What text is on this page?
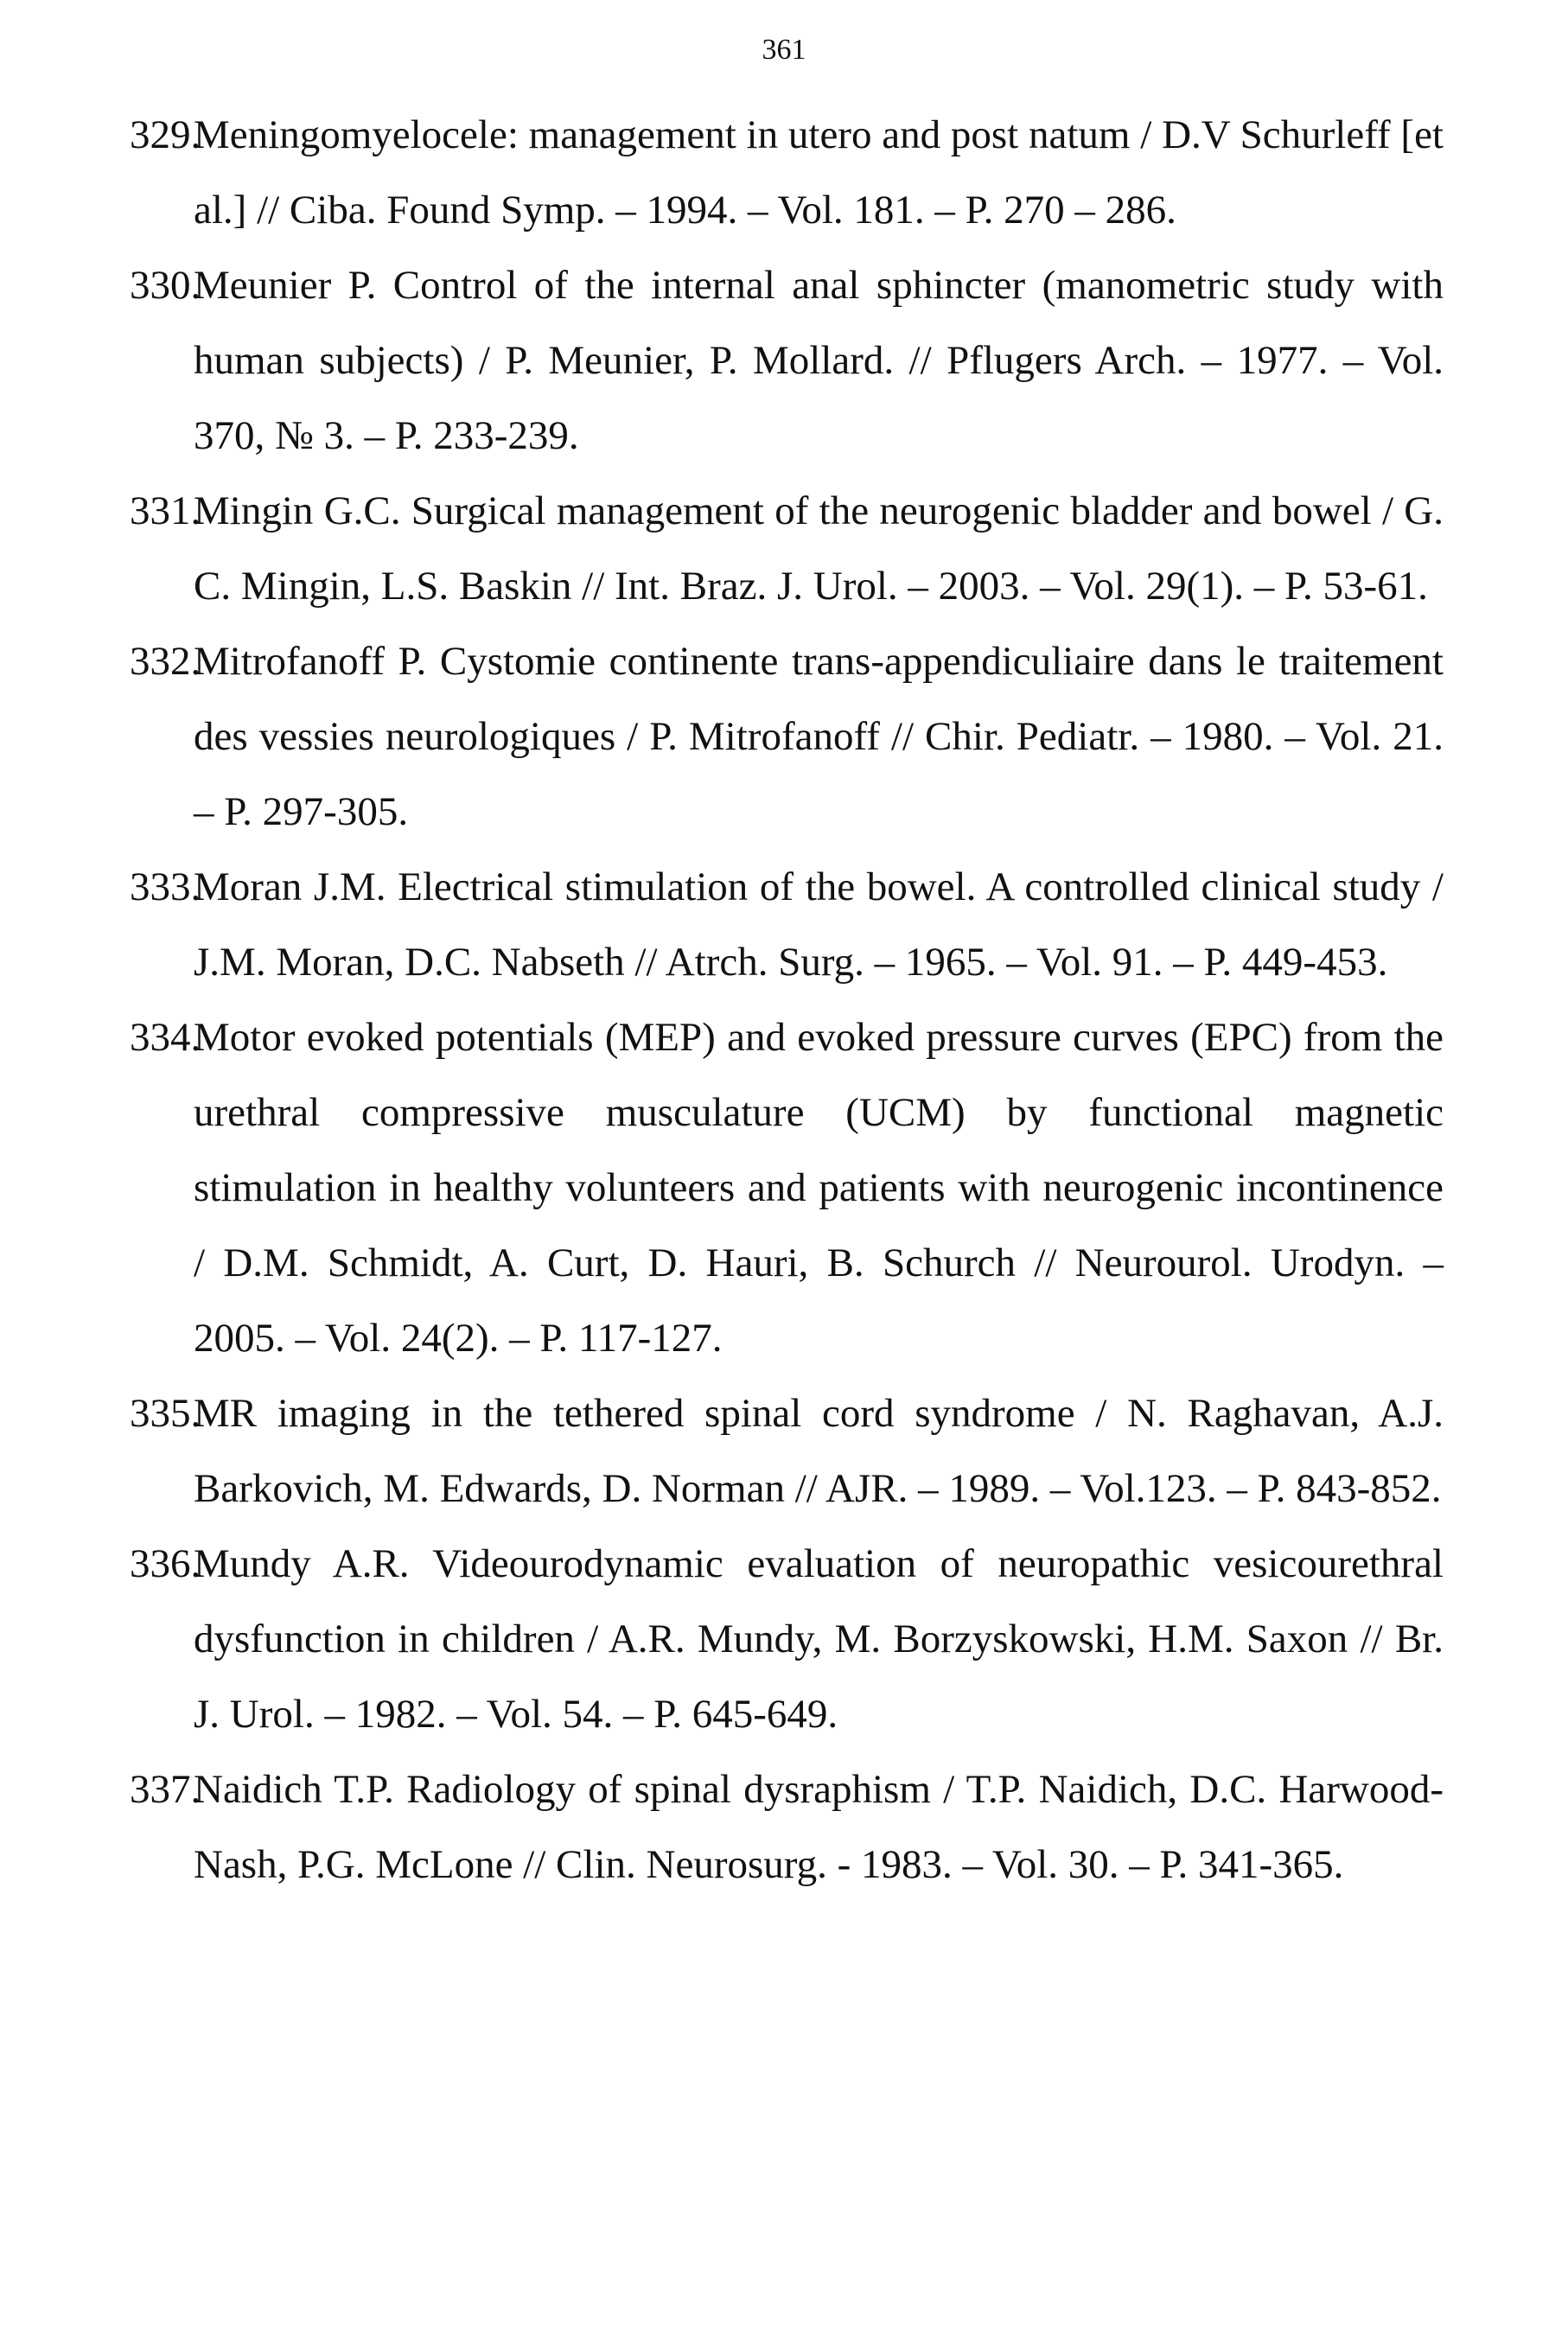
361
329.
Meningomyelocele: management in utero and post natum / D.V Schurleff [et al.] // Ciba. Found Symp. – 1994. – Vol. 181. – P. 270 – 286.
330.
Meunier P. Control of the internal anal sphincter (manometric study with human subjects) / P. Meunier, P. Mollard. // Pflugers Arch. – 1977. – Vol. 370, № 3. – P. 233-239.
331.
Mingin G.C. Surgical management of the neurogenic bladder and bowel / G. C. Mingin, L.S. Baskin // Int. Braz. J. Urol. – 2003. – Vol. 29(1). – P. 53-61.
332.
Mitrofanoff P. Cystomie continente trans-appendiculiaire dans le traitement des vessies neurologiques / P. Mitrofanoff // Chir. Pediatr. – 1980. – Vol. 21. – P. 297-305.
333.
Moran J.M. Electrical stimulation of the bowel. A controlled clinical study / J.M. Moran, D.C. Nabseth // Atrch. Surg. – 1965. – Vol. 91. – P. 449-453.
334.
Motor evoked potentials (MEP) and evoked pressure curves (EPC) from the urethral compressive musculature (UCM) by functional magnetic stimulation in healthy volunteers and patients with neurogenic incontinence / D.M. Schmidt, A. Curt, D. Hauri, B. Schurch // Neurourol. Urodyn. – 2005. – Vol. 24(2). – P. 117-127.
335.
MR imaging in the tethered spinal cord syndrome / N. Raghavan, A.J. Barkovich, M. Edwards, D. Norman // AJR. – 1989. – Vol.123. – P. 843-852.
336.
Mundy A.R. Videourodynamic evaluation of neuropathic vesicourethral dysfunction in children / A.R. Mundy, M. Borzyskowski, H.M. Saxon // Br. J. Urol. – 1982. – Vol. 54. – P. 645-649.
337.
Naidich T.P. Radiology of spinal dysraphism / T.P. Naidich, D.C. Harwood-Nash, P.G. McLone // Clin. Neurosurg. - 1983. – Vol. 30. – P. 341-365.
